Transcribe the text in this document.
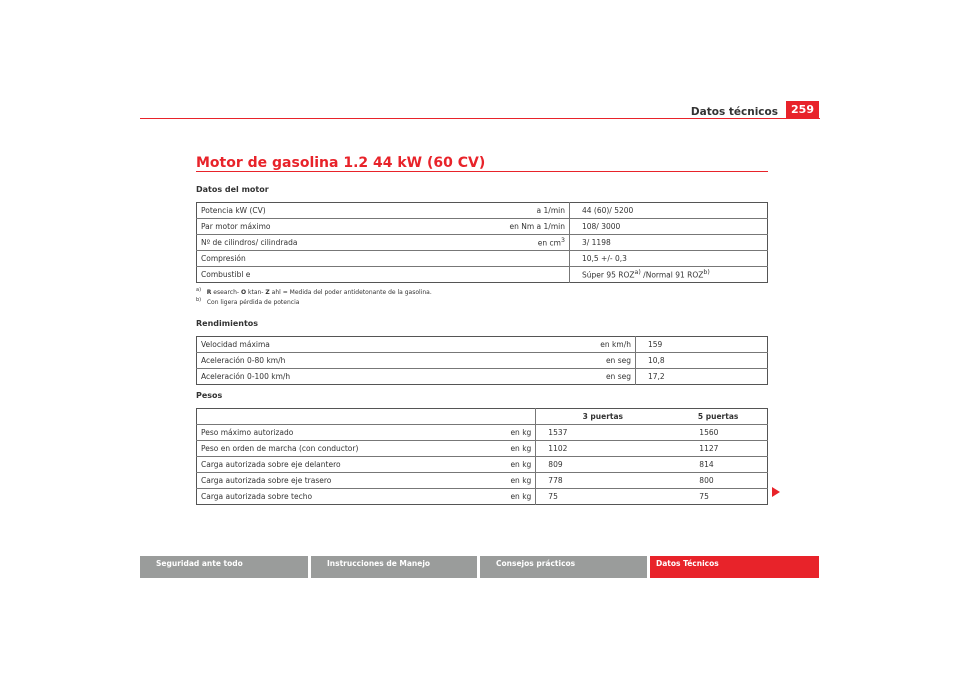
Datos técnicos	259
Motor de gasolina 1.2 44 kW (60 CV)
Datos del motor
Potencia kW (CV)	a 1/min	44 (60)/ 5200
Par motor máximo	en Nm a 1/min	108/ 3000
Nº de cilindros/ cilindrada	en $cm^3$	3/ 1198
Compresión		10,5 +/- 0,3
Combustibl e		Súper 95 ROZ$^{a)}$ /Normal 91 ROZ$^{b)}$
$^{a)}$ R esearch- O ktan- Z ahl = Medida del poder antidetonante de la gasolina.
$^{b)}$ Con ligera pérdida de potencia
Rendimientos
Velocidad máxima	en km/h	159
Aceleración 0-80 km/h	en seg	10,8
Aceleración 0-100 km/h	en seg	17,2
Pesos
		3 puertas	5 puertas
Peso máximo autorizado	en kg	1537	1560
Peso en orden de marcha (con conductor)	en kg	1102	1127
Carga autorizada sobre eje delantero	en kg	809	814
Carga autorizada sobre eje trasero	en kg	778	800
Carga autorizada sobre techo	en kg	75	75
Seguridad ante todo	Instrucciones de Manejo	Consejos prácticos	Datos Técnicos
